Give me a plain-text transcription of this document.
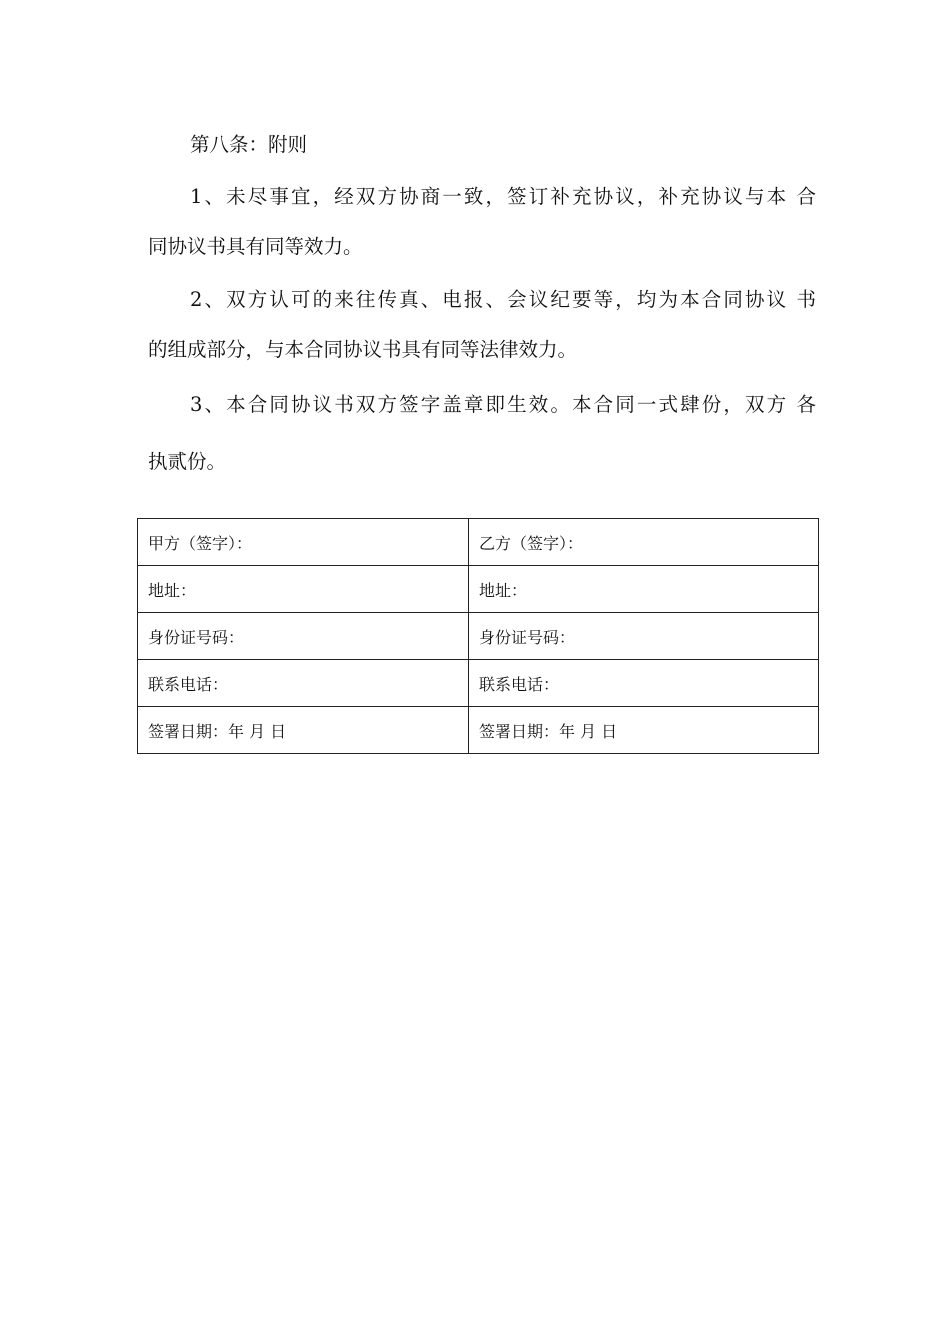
第八条：附则

1、未尽事宜，经双方协商一致，签订补充协议，补充协议与本 合

同协议书具有同等效力。

2、双方认可的来往传真、电报、会议纪要等，均为本合同协议 书

的组成部分，与本合同协议书具有同等法律效力。

3、本合同协议书双方签字盖章即生效。本合同一式肆份，双方 各

执贰份。

甲方（签字）：	乙方（签字）：
地址：	地址：
身份证号码：	身份证号码：
联系电话：	联系电话：
签署日期：年 月 日	签署日期：年 月 日
